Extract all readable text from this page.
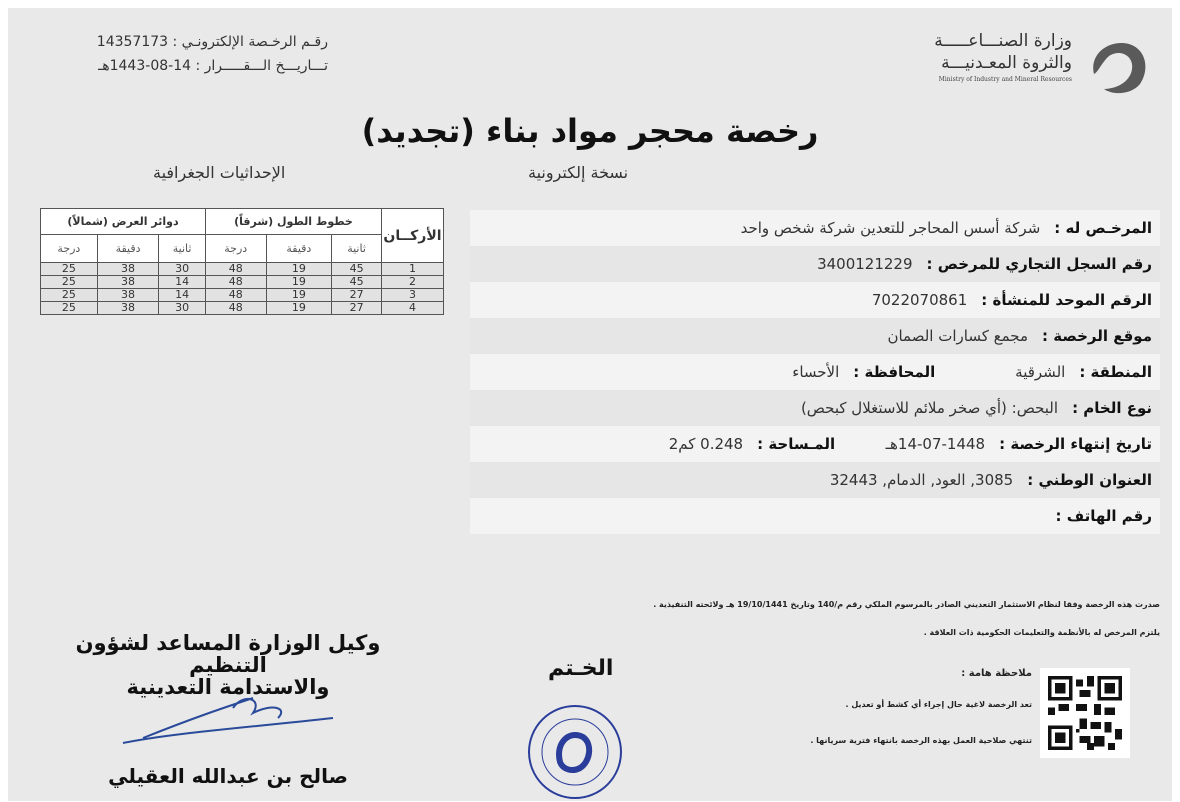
رقـم الرخـصة الإلكترونـي : 14357173
تـــاريـــخ الـــقـــــرار : 14-08-1443هـ
وزارة الصنـــاعـــــة
والثروة المعـدنيـــة
Ministry of Industry and Mineral Resources
رخصة محجر مواد بناء (تجديد)
نسخة إلكترونية
الإحداثيات الجغرافية
الأركــان	خطوط الطول (شرقاً)			دوائر العرض (شمالاً)		
	ثانية	دقيقة	درجة	ثانية	دقيقة	درجة
1	45	19	48	30	38	25
2	45	19	48	14	38	25
3	27	19	48	14	38	25
4	27	19	48	30	38	25
المرخـص له :
شركة أسس المحاجر للتعدين شركة شخص واحد
رقم السجل التجاري للمرخص :
3400121229
الرقم الموحد للمنشأة :
7022070861
موقع الرخصة :
مجمع كسارات الصمان
المنطقة :
الشرقية
المحافظة :
الأحساء
نوع الخام :
البحص: (أي صخر ملائم للاستغلال كبحص)
تاريخ إنتهاء الرخصة :
14-07-1448هـ
المـساحة :
0.248 كم2
العنوان الوطني :
3085, العود, الدمام, 32443
رقم الهاتف :
صدرت هذه الرخصة وفقا لنظام الاستثمار التعديني الصادر بالمرسوم الملكي رقم م/140 وتاريخ 19/10/1441 هـ ولائحته التنفيذية .
يلتزم المرخص له بالأنظمة والتعليمات الحكومية ذات العلاقة .
ملاحظة هامة :
تعد الرخصة لاغية حال إجراء أي كشط أو تعديل .
تنتهي صلاحية العمل بهذه الرخصة بانتهاء فترية سريانها .
الخـتم
وكيل الوزارة المساعد لشؤون التنظيم
والاستدامة التعدينية
صالح بن عبدالله العقيلي
